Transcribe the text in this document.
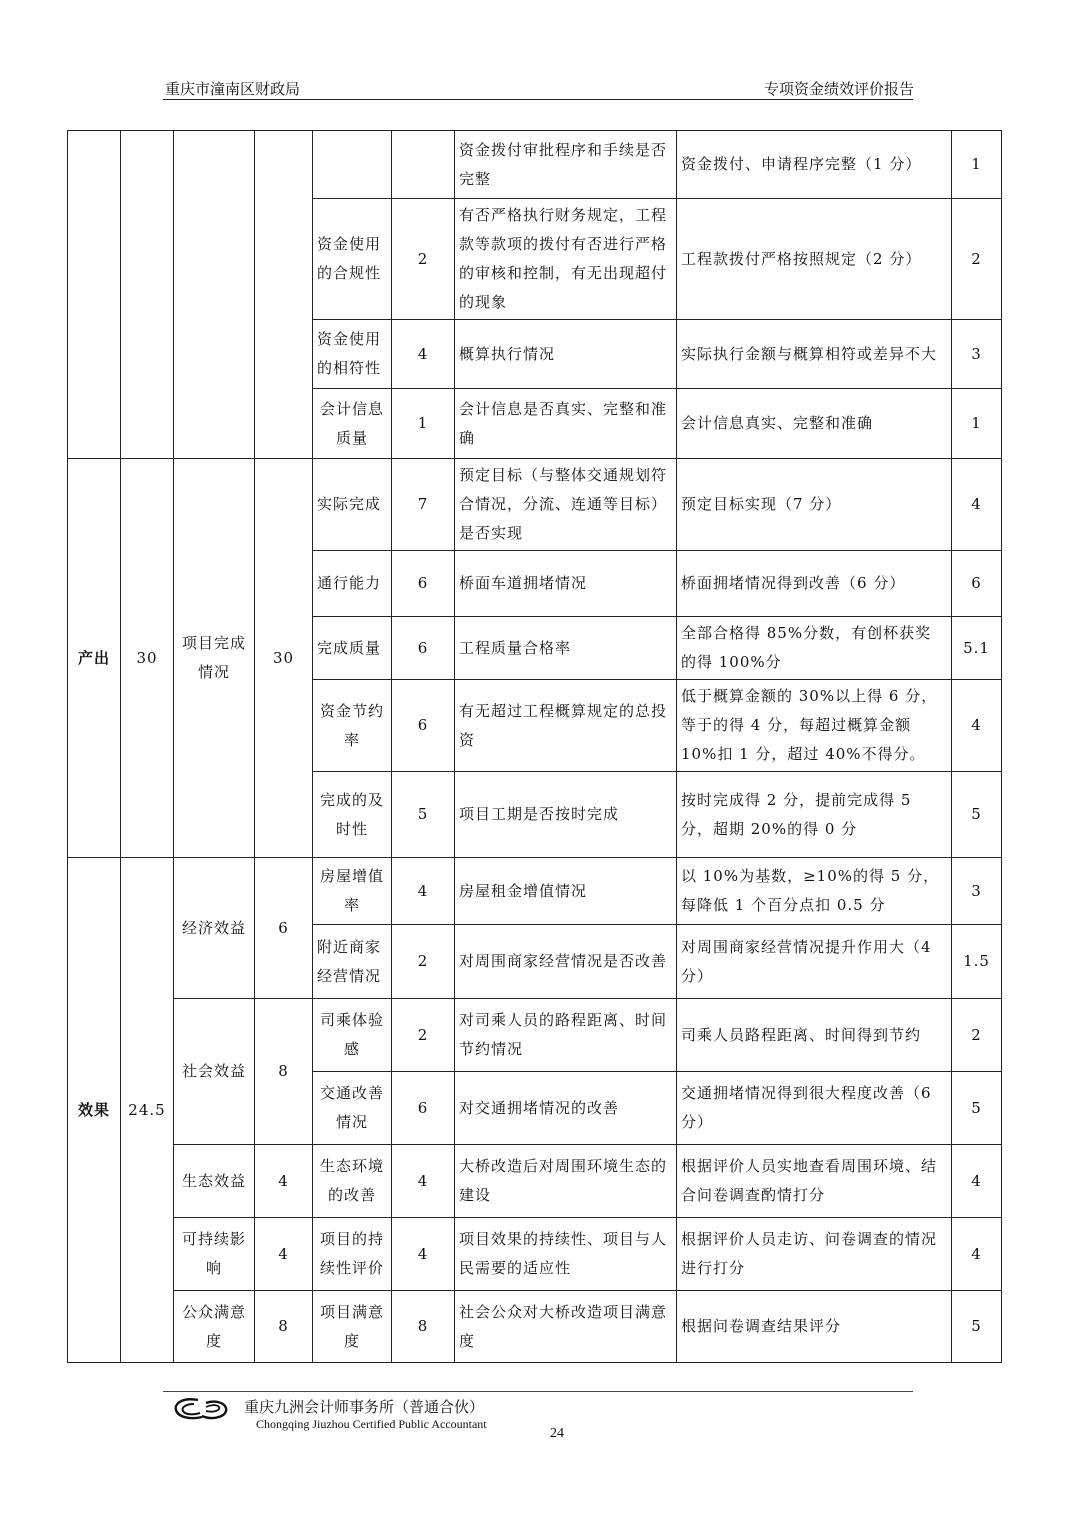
重庆市潼南区财政局	专项资金绩效评价报告
						资金拨付审批程序和手续是否完整	资金拨付、申请程序完整（1 分）	1
				资金使用的合规性	2	有否严格执行财务规定，工程款等款项的拨付有否进行严格的审核和控制，有无出现超付的现象	工程款拨付严格按照规定（2 分）	2
				资金使用的相符性	4	概算执行情况	实际执行金额与概算相符或差异不大	3
				会计信息质量	1	会计信息是否真实、完整和准确	会计信息真实、完整和准确	1
产出	30	项目完成情况	30	实际完成	7	预定目标（与整体交通规划符合情况，分流、连通等目标）是否实现	预定目标实现（7 分）	4
				通行能力	6	桥面车道拥堵情况	桥面拥堵情况得到改善（6 分）	6
				完成质量	6	工程质量合格率	全部合格得 85%分数，有创杯获奖的得 100%分	5.1
				资金节约率	6	有无超过工程概算规定的总投资	低于概算金额的 30%以上得 6 分，等于的得 4 分，每超过概算金额 10%扣 1 分，超过 40%不得分。	4
				完成的及时性	5	项目工期是否按时完成	按时完成得 2 分，提前完成得 5 分，超期 20%的得 0 分	5
效果	24.5	经济效益	6	房屋增值率	4	房屋租金增值情况	以 10%为基数，≥10%的得 5 分，每降低 1 个百分点扣 0.5 分	3
				附近商家经营情况	2	对周围商家经营情况是否改善	对周围商家经营情况提升作用大（4 分）	1.5
		社会效益	8	司乘体验感	2	对司乘人员的路程距离、时间节约情况	司乘人员路程距离、时间得到节约	2
				交通改善情况	6	对交通拥堵情况的改善	交通拥堵情况得到很大程度改善（6 分）	5
		生态效益	4	生态环境的改善	4	大桥改造后对周围环境生态的建设	根据评价人员实地查看周围环境、结合问卷调查酌情打分	4
		可持续影响	4	项目的持续性评价	4	项目效果的持续性、项目与人民需要的适应性	根据评价人员走访、问卷调查的情况进行打分	4
		公众满意度	8	项目满意度	8	社会公众对大桥改造项目满意度	根据问卷调查结果评分	5
重庆九洲会计师事务所（普通合伙）
Chongqing Jiuzhou Certified Public Accountant
24
